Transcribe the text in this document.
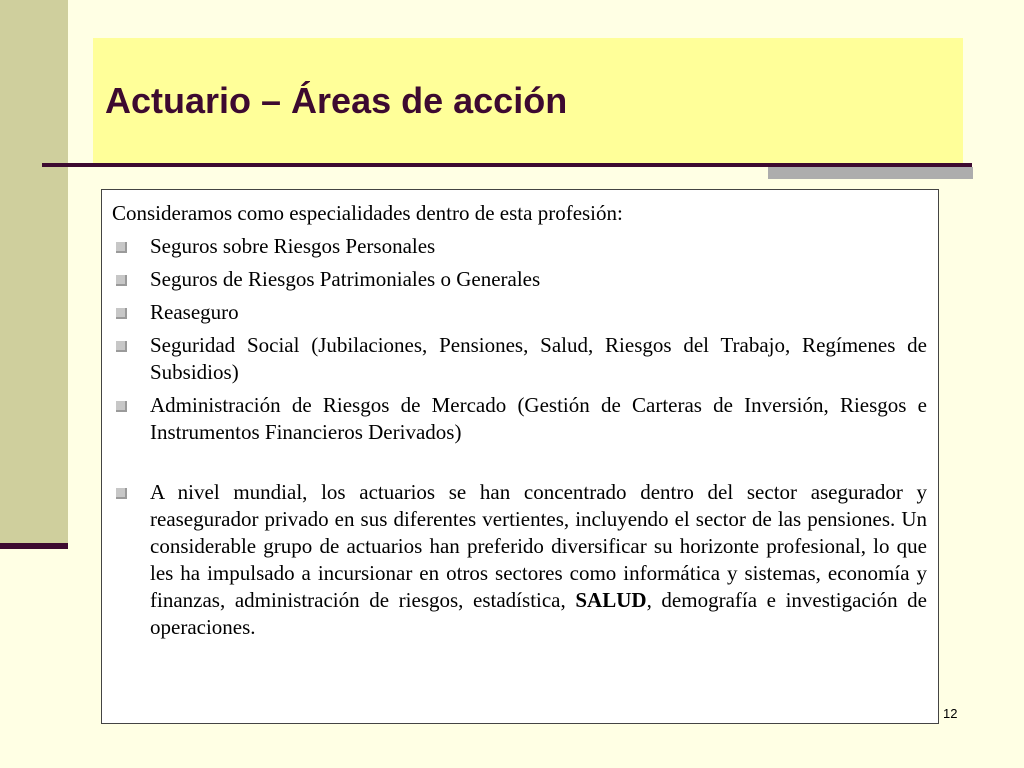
Actuario – Áreas de acción

Consideramos como especialidades dentro de esta profesión:

Seguros sobre Riesgos Personales
Seguros de Riesgos Patrimoniales o Generales
Reaseguro
Seguridad Social (Jubilaciones, Pensiones, Salud, Riesgos del Trabajo, Regímenes de Subsidios)
Administración de Riesgos de Mercado (Gestión de Carteras de Inversión, Riesgos e Instrumentos Financieros Derivados)
A nivel mundial, los actuarios se han concentrado dentro del sector asegurador y reasegurador privado en sus diferentes vertientes, incluyendo el sector de las pensiones. Un considerable grupo de actuarios han preferido diversificar su horizonte profesional, lo que les ha impulsado a incursionar en otros sectores como informática y sistemas, economía y finanzas, administración de riesgos, estadística, SALUD, demografía e investigación de operaciones.
12
